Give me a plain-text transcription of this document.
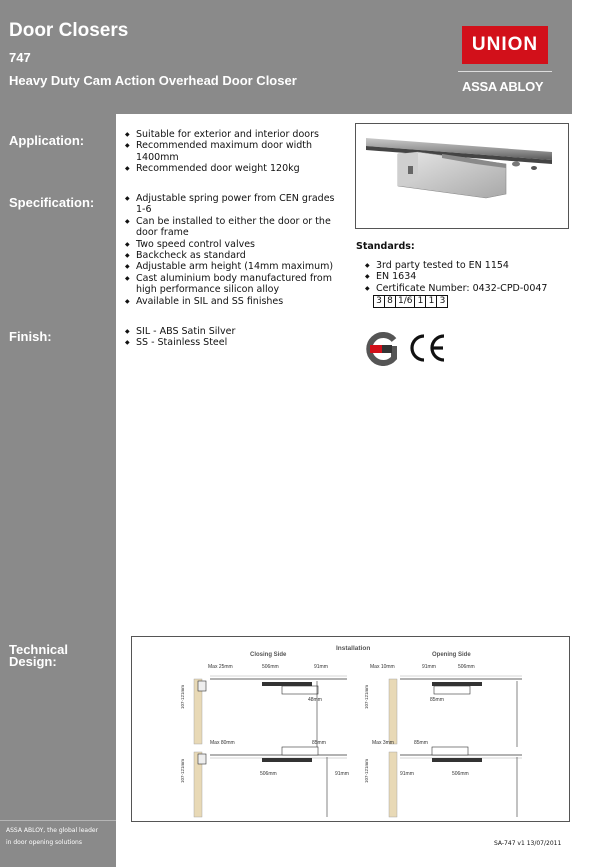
Door Closers
747
Heavy Duty Cam Action Overhead Door Closer
UNION
ASSA ABLOY
Application:
Specification:
Finish:
Technical
Design:
ASSA ABLOY, the global leader
in door opening solutions
◆ Suitable for exterior and interior doors
◆ Recommended maximum door width
1400mm
◆ Recommended door weight 120kg
◆ Adjustable spring power from CEN grades
1-6
◆ Can be installed to either the door or the
door frame
◆ Two speed control valves
◆ Backcheck as standard
◆ Adjustable arm height (14mm maximum)
◆ Cast aluminium body manufactured from
high performance silicon alloy
◆ Available in SIL and SS finishes
◆ SIL - ABS Satin Silver
◆ SS - Stainless Steel
Standards:
◆ 3rd party tested to EN 1154
◆ EN 1634
◆ Certificate Number: 0432-CPD-0047
3 8 1/6 1 1 3
Installation
Closing Side	Opening Side
Max 25mm	506mm	91mm
48mm
107-121mm
Max 10mm	91mm	506mm
85mm
107-121mm
Max 80mm	85mm
506mm	91mm
107-121mm
Max 3mm	85mm
91mm	506mm
107-121mm
SA-747 v1 13/07/2011
